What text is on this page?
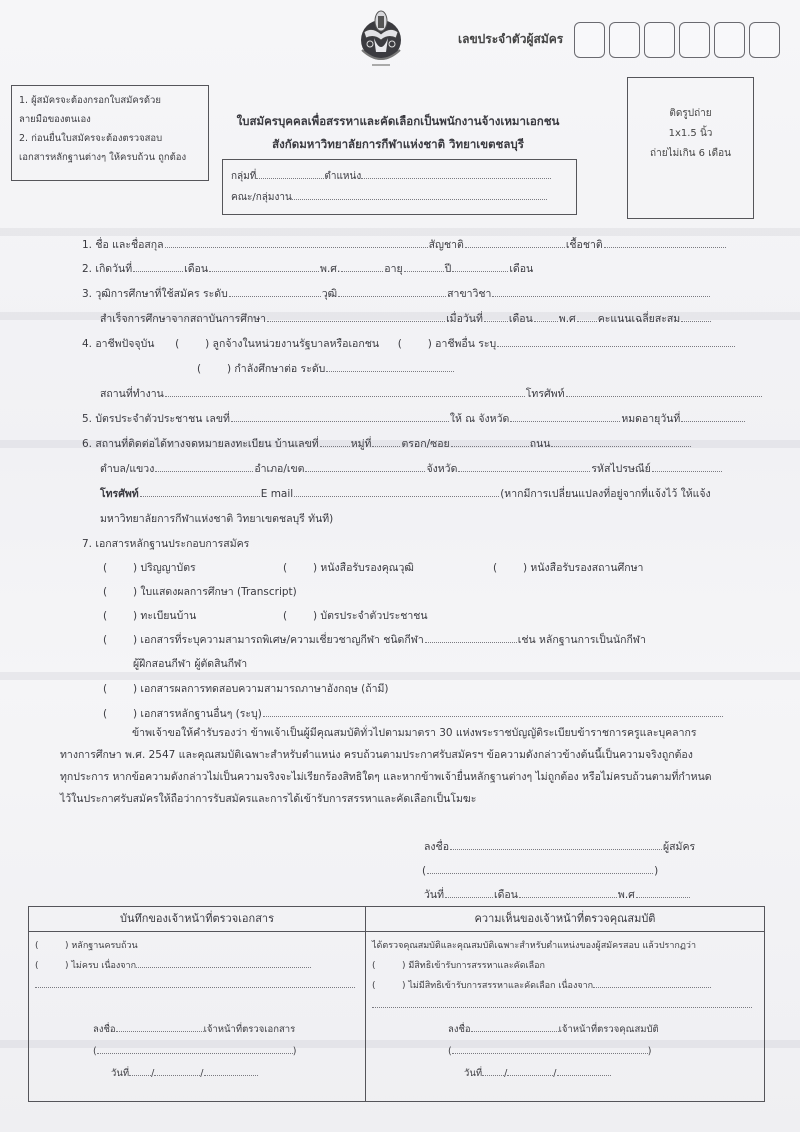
เลขประจำตัวผู้สมัคร
1. ผู้สมัครจะต้องกรอกใบสมัครด้วย
ลายมือของตนเอง
2. ก่อนยื่นใบสมัครจะต้องตรวจสอบ
เอกสารหลักฐานต่างๆ ให้ครบถ้วน ถูกต้อง
ติดรูปถ่าย
1x1.5 นิ้ว
ถ่ายไม่เกิน 6 เดือน
ใบสมัครบุคคลเพื่อสรรหาและคัดเลือกเป็นพนักงานจ้างเหมาเอกชน
สังกัดมหาวิทยาลัยการกีฬาแห่งชาติ วิทยาเขตชลบุรี
กลุ่มที่	ตำแหน่ง
คณะ/กลุ่มงาน
1. ชื่อ และชื่อสกุล	สัญชาติ	เชื้อชาติ
2. เกิดวันที่	เดือน	พ.ศ.	อายุ	ปี	เดือน
3. วุฒิการศึกษาที่ใช้สมัคร ระดับ	วุฒิ	สาขาวิชา
สำเร็จการศึกษาจากสถาบันการศึกษา	เมื่อวันที่ เดือน พ.ศ คะแนนเฉลี่ยสะสม
4. อาชีพปัจจุบัน ( ) ลูกจ้างในหน่วยงานรัฐบาลหรือเอกชน ( ) อาชีพอื่น ระบุ
( ) กำลังศึกษาต่อ ระดับ
สถานที่ทำงาน	โทรศัพท์
5. บัตรประจำตัวประชาชน เลขที่	ให้ ณ จังหวัด	หมดอายุวันที่
6. สถานที่ติดต่อได้ทางจดหมายลงทะเบียน บ้านเลขที่	หมู่ที่	ตรอก/ซอย	ถนน
ตำบล/แขวง	อำเภอ/เขต	จังหวัด	รหัสไปรษณีย์
โทรศัพท์	E mail	(หากมีการเปลี่ยนแปลงที่อยู่จากที่แจ้งไว้ ให้แจ้ง
มหาวิทยาลัยการกีฬาแห่งชาติ วิทยาเขตชลบุรี ทันที)
7. เอกสารหลักฐานประกอบการสมัคร
( ) ปริญญาบัตร	( ) หนังสือรับรองคุณวุฒิ	( ) หนังสือรับรองสถานศึกษา
( ) ใบแสดงผลการศึกษา (Transcript)
( ) ทะเบียนบ้าน	( ) บัตรประจำตัวประชาชน
( ) เอกสารที่ระบุความสามารถพิเศษ/ความเชี่ยวชาญกีฬา ชนิดกีฬา	เช่น หลักฐานการเป็นนักกีฬา
ผู้ฝึกสอนกีฬา ผู้ตัดสินกีฬา
( ) เอกสารผลการทดสอบความสามารถภาษาอังกฤษ (ถ้ามี)
( ) เอกสารหลักฐานอื่นๆ (ระบุ)
ข้าพเจ้าขอให้คำรับรองว่า ข้าพเจ้าเป็นผู้มีคุณสมบัติทั่วไปตามมาตรา 30 แห่งพระราชบัญญัติระเบียบข้าราชการครูและบุคลากร
ทางการศึกษา พ.ศ. 2547 และคุณสมบัติเฉพาะสำหรับตำแหน่ง ครบถ้วนตามประกาศรับสมัครฯ ข้อความดังกล่าวข้างต้นนี้เป็นความจริงถูกต้อง
ทุกประการ หากข้อความดังกล่าวไม่เป็นความจริงจะไม่เรียกร้องสิทธิใดๆ และหากข้าพเจ้ายื่นหลักฐานต่างๆ ไม่ถูกต้อง หรือไม่ครบถ้วนตามที่กำหนด
ไว้ในประกาศรับสมัครให้ถือว่าการรับสมัครและการได้เข้ารับการสรรหาและคัดเลือกเป็นโมฆะ
ลงชื่อ	ผู้สมัคร
(	)
วันที่	เดือน	พ.ศ
บันทึกของเจ้าหน้าที่ตรวจเอกสาร
(	) หลักฐานครบถ้วน
(	) ไม่ครบ เนื่องจาก
ลงชื่อ	เจ้าหน้าที่ตรวจเอกสาร
(	)
วันที่ /	/
ความเห็นของเจ้าหน้าที่ตรวจคุณสมบัติ
ได้ตรวจคุณสมบัติและคุณสมบัติเฉพาะสำหรับตำแหน่งของผู้สมัครสอบ แล้วปรากฏว่า
(	) มีสิทธิเข้ารับการสรรหาและคัดเลือก
(	) ไม่มีสิทธิเข้ารับการสรรหาและคัดเลือก เนื่องจาก
ลงชื่อ	เจ้าหน้าที่ตรวจคุณสมบัติ
(	)
วันที่ /	/
